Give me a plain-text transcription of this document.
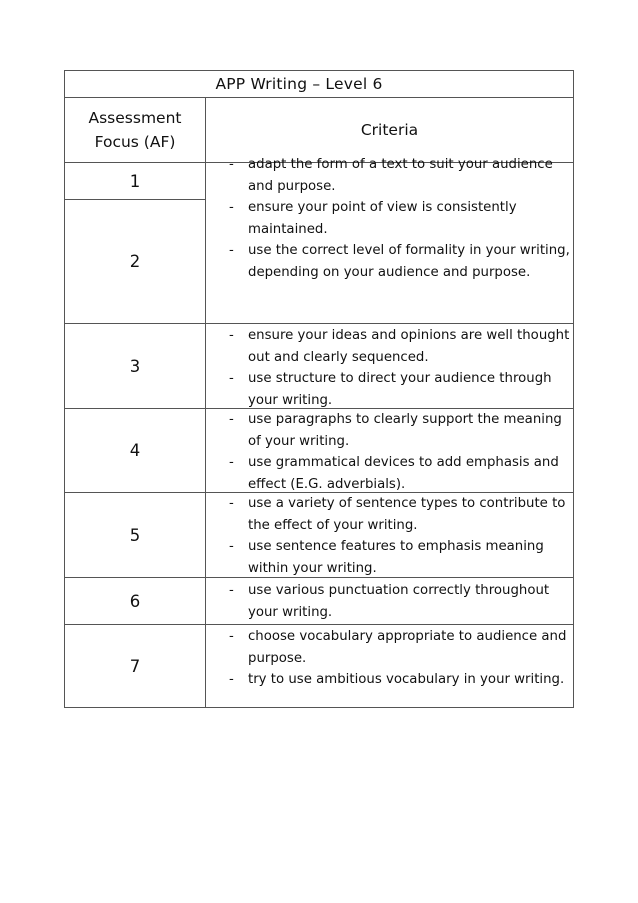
APP Writing – Level 6
Assessment
Focus (AF)
Criteria
1
2
3
4
5
6
7
- adapt the form of a text to suit your audience and purpose.
- ensure your point of view is consistently maintained.
- use the correct level of formality in your writing, depending on your audience and purpose.
- ensure your ideas and opinions are well thought out and clearly sequenced.
- use structure to direct your audience through your writing.
- use paragraphs to clearly support the meaning of your writing.
- use grammatical devices to add emphasis and effect (E.G. adverbials).
- use a variety of sentence types to contribute to the effect of your writing.
- use sentence features to emphasis meaning within your writing.
- use various punctuation correctly throughout your writing.
- choose vocabulary appropriate to audience and purpose.
- try to use ambitious vocabulary in your writing.
